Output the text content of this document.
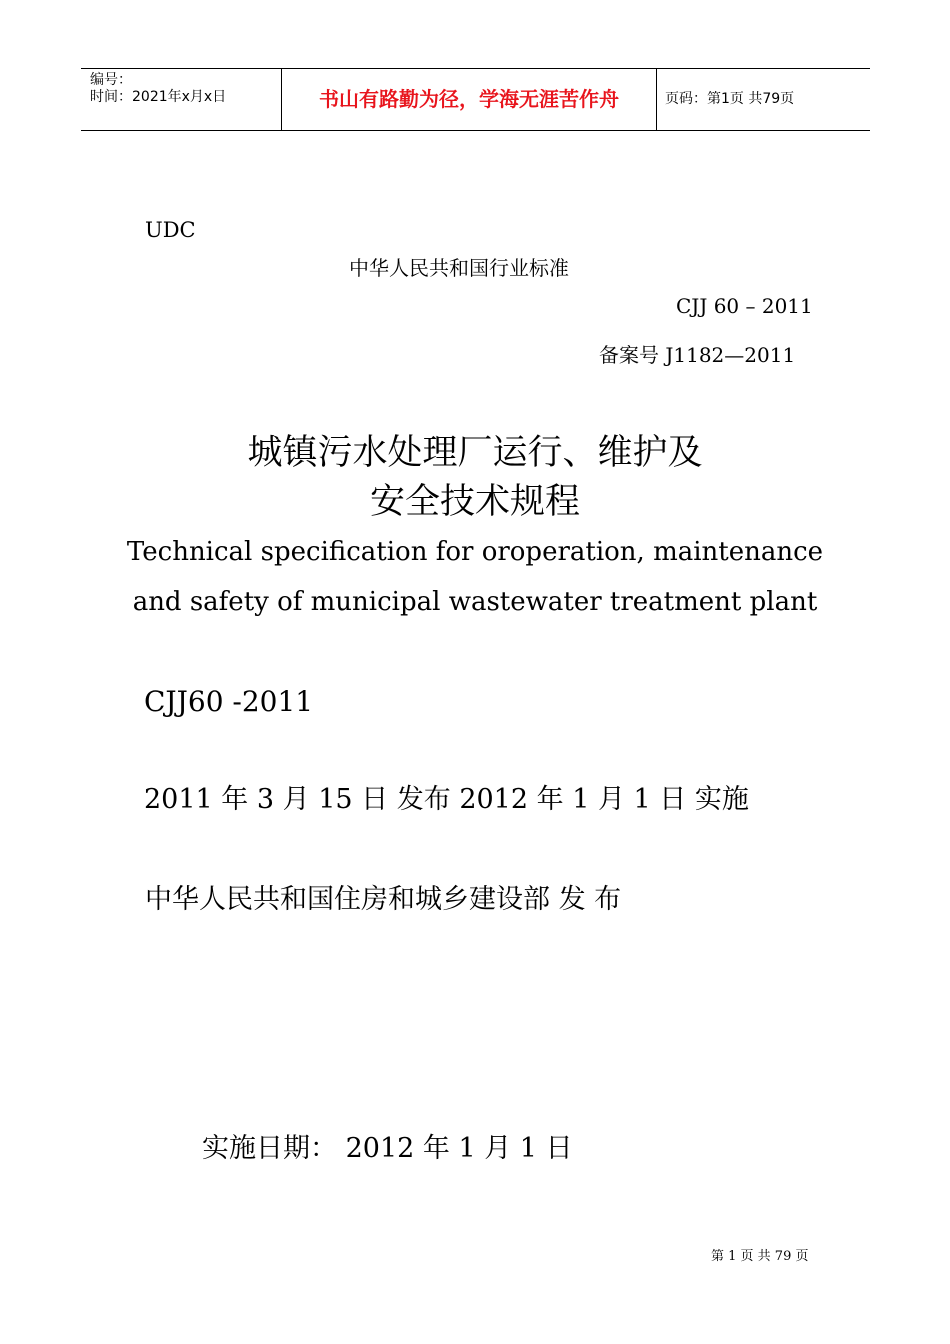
编号：
时间：2021年x月x日	书山有路勤为径，学海无涯苦作舟	页码：第1页 共79页
UDC
中华人民共和国行业标准
CJJ 60 – 2011
备案号 J1182—2011
城镇污水处理厂运行、维护及
安全技术规程
Technical specification for oroperation, maintenance
and safety of municipal wastewater treatment plant
CJJ60 -2011
2011 年 3 月 15 日 发布 2012 年 1 月 1 日 实施
中华人民共和国住房和城乡建设部 发 布
实施日期： 2012 年 1 月 1 日
第 1 页 共 79 页
